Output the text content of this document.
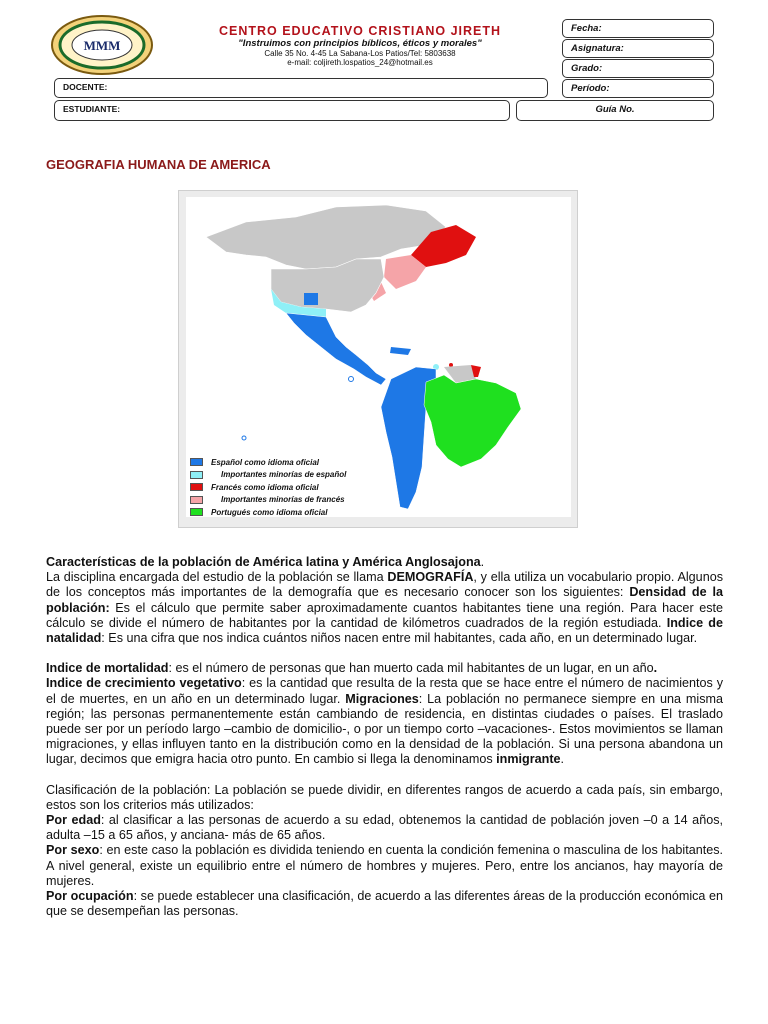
MMM
CENTRO EDUCATIVO CRISTIANO JIRETH
"Instruimos con principios bíblicos, éticos y morales"
Calle 35 No. 4-45 La Sabana-Los Patios/Tel: 5803638
e-mail: coljireth.lospatios_24@hotmail.es
Fecha:
Asignatura:
Grado:
Período:
DOCENTE:
ESTUDIANTE:	Guía No.
GEOGRAFIA HUMANA DE AMERICA
Español como idioma oficial
Importantes minorías de español
Francés como idioma oficial
Importantes minorías de francés
Portugués como idioma oficial

Características de la población de América latina y América Anglosajona.
La disciplina encargada del estudio de la población se llama DEMOGRAFÍA, y ella utiliza un vocabulario propio. Algunos de los conceptos más importantes de la demografía que es necesario conocer son los siguientes: Densidad de la población: Es el cálculo que permite saber aproximadamente cuantos habitantes tiene una región. Para hacer este cálculo se divide el número de habitantes por la cantidad de kilómetros cuadrados de la región estudiada. Indice de natalidad: Es una cifra que nos indica cuántos niños nacen entre mil habitantes, cada año, en un determinado lugar.

Indice de mortalidad: es el número de personas que han muerto cada mil habitantes de un lugar, en un año.
Indice de crecimiento vegetativo: es la cantidad que resulta de la resta que se hace entre el número de nacimientos y el de muertes, en un año en un determinado lugar. Migraciones: La población no permanece siempre en una misma región; las personas permanentemente están cambiando de residencia, en distintas ciudades o países. El traslado puede ser por un período largo –cambio de domicilio-, o por un tiempo corto –vacaciones-. Estos movimientos se llaman migraciones, y ellas influyen tanto en la distribución como en la densidad de la población. Si una persona abandona un lugar, decimos que emigra hacia otro punto. En cambio si llega la denominamos inmigrante.

Clasificación de la población: La población se puede dividir, en diferentes rangos de acuerdo a cada país, sin embargo, estos son los criterios más utilizados:
Por edad: al clasificar a las personas de acuerdo a su edad, obtenemos la cantidad de población joven –0 a 14 años, adulta –15 a 65 años, y anciana- más de 65 años.
Por sexo: en este caso la población es dividida teniendo en cuenta la condición femenina o masculina de los habitantes. A nivel general, existe un equilibrio entre el número de hombres y mujeres. Pero, entre los ancianos, hay mayoría de mujeres.
Por ocupación: se puede establecer una clasificación, de acuerdo a las diferentes áreas de la producción económica en que se desempeñan las personas.
